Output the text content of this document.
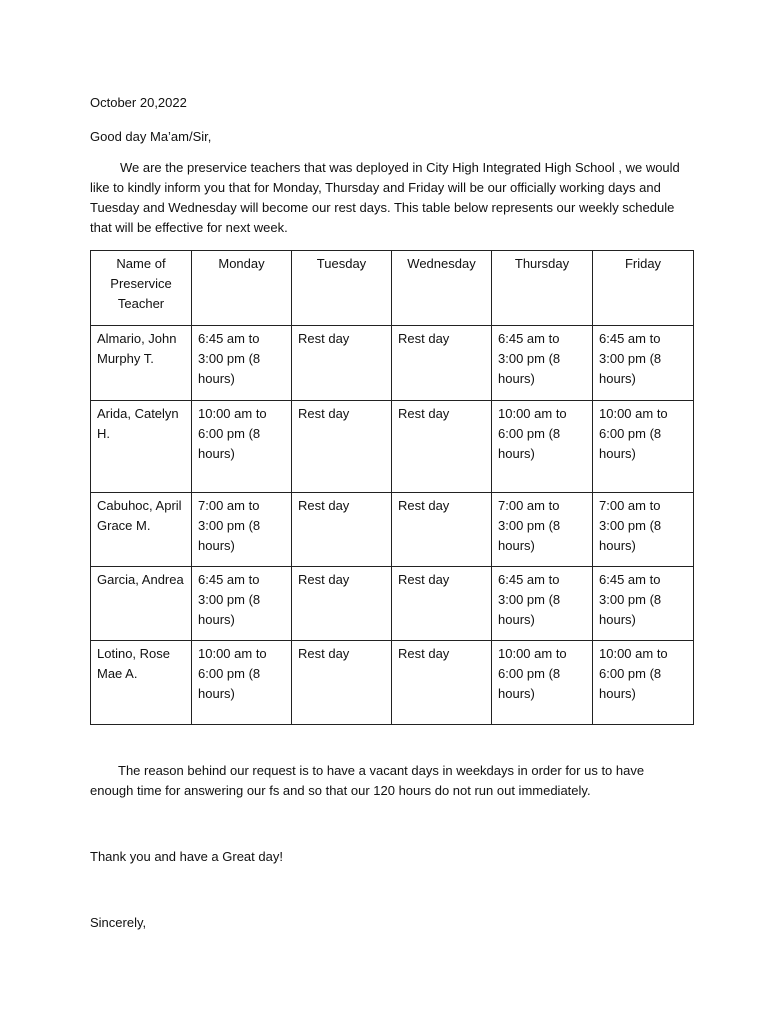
October 20,2022

Good day Ma’am/Sir,

We are the preservice teachers that was deployed in City High Integrated High School , we would like to kindly inform you that for Monday, Thursday and Friday will be our officially working days and Tuesday and Wednesday will become our rest days. This table below represents our weekly schedule that will be effective for next week.

Name of Preservice Teacher	Monday	Tuesday	Wednesday	Thursday	Friday
Almario, John Murphy T.	6:45 am to 3:00 pm (8 hours)	Rest day	Rest day	6:45 am to 3:00 pm (8 hours)	6:45 am to 3:00 pm (8 hours)
Arida, Catelyn H.	10:00 am to 6:00 pm (8 hours)	Rest day	Rest day	10:00 am to 6:00 pm (8 hours)	10:00 am to 6:00 pm (8 hours)
Cabuhoc, April Grace M.	7:00 am to 3:00 pm (8 hours)	Rest day	Rest day	7:00 am to 3:00 pm (8 hours)	7:00 am to 3:00 pm (8 hours)
Garcia, Andrea	6:45 am to 3:00 pm (8 hours)	Rest day	Rest day	6:45 am to 3:00 pm (8 hours)	6:45 am to 3:00 pm (8 hours)
Lotino, Rose Mae A.	10:00 am to 6:00 pm (8 hours)	Rest day	Rest day	10:00 am to 6:00 pm (8 hours)	10:00 am to 6:00 pm (8 hours)

The reason behind our request is to have a vacant days in weekdays in order for us to have enough time for answering our fs and so that our 120 hours do not run out immediately.

Thank you and have a Great day!

Sincerely,
